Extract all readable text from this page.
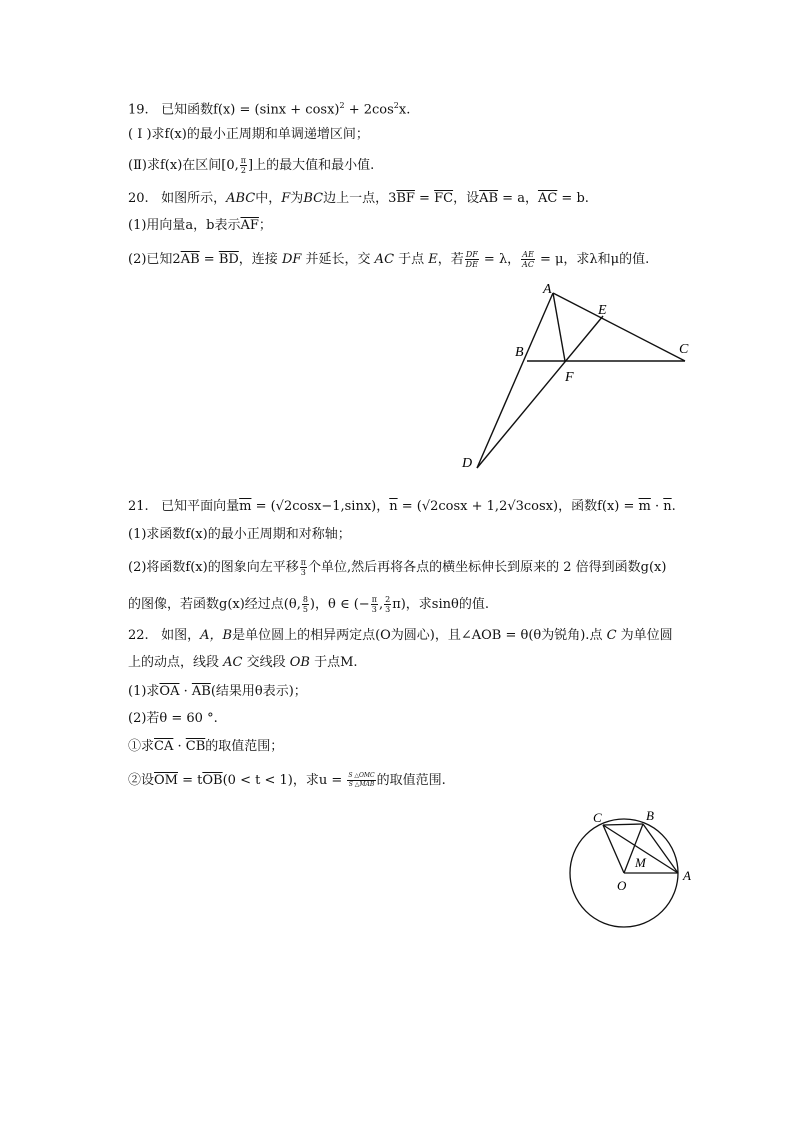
19. 已知函数$f(x) = (\sin x + \cos x)^2 + 2\cos^2x$.
( Ⅰ )求f(x)的最小正周期和单调递增区间；
(Ⅱ)求f(x)在区间[0, $\frac{\pi}{2}$ ]上的最大值和最小值.
20. 如图所示，ABC中，F为BC边上一点，$3\overline{BF} = \overline{FC}$，设$\overline{AB} = a$，$\overline{AC} = b$.
(1)用向量a，b表示$\overline{AF}$；
(2)已知$2\overline{AB} = \overline{BD}$，连接 DF 并延长，交 AC 于点 E，若 $\frac{DF}{DE} = \lambda$， $\frac{AE}{AC} = \mu$，求λ和μ的值.
A
E
B	C
F
D
21. 已知平面向量$\overline{m} = (√2\cos x-1,\sin x)$，$\overline{n} = (√2\cos x + 1,2√3\cos x)$，函数$f(x) = \overline{m} \cdot \overline{n}$.
(1)求函数f(x)的最小正周期和对称轴；
(2)将函数f(x)的图象向左平移 $\frac{\pi}{3}$ 个单位,然后再将各点的横坐标伸长到原来的 2 倍得到函数g(x)
的图像，若函数g(x)经过点(θ, $\frac{8}{5}$ )，θ ∈ (− $\frac{\pi}{3}$ , $\frac{2}{3} \pi$)，求sinθ的值.
22. 如图，A，B是单位圆上的相异两定点(O为圆心)，且∠AOB = θ(θ为锐角).点 C 为单位圆
上的动点，线段 AC 交线段 OB 于点M.
(1)求$\overline{OA} \cdot \overline{AB}$(结果用θ表示)；
(2)若θ = 60 °.
①求$\overline{CA} \cdot \overline{CB}$的取值范围；
②设$\overline{OM} = t\overline{OB}(0 < t < 1)$，求$u = \frac{\text{S △OMC}}{\text{S △MAB}}$ 的取值范围.
C	B
M
O
A
